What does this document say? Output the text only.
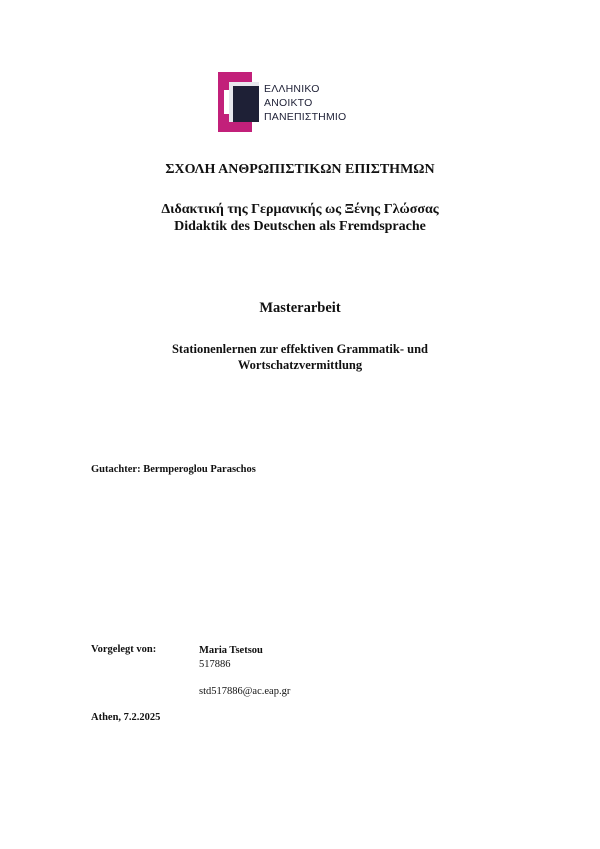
ΕΛΛΗΝΙΚΟ
ΑΝΟΙΚΤΟ
ΠΑΝΕΠΙΣΤΗΜΙΟ
ΣΧΟΛΗ ΑΝΘΡΩΠΙΣΤΙΚΩΝ ΕΠΙΣΤΗΜΩΝ
Διδακτική της Γερμανικής ως Ξένης Γλώσσας
Didaktik des Deutschen als Fremdsprache
Masterarbeit
Stationenlernen zur effektiven Grammatik- und
Wortschatzvermittlung
Gutachter: Bermperoglou Paraschos
Vorgelegt von:	Maria Tsetsou
517886
std517886@ac.eap.gr
Athen, 7.2.2025
